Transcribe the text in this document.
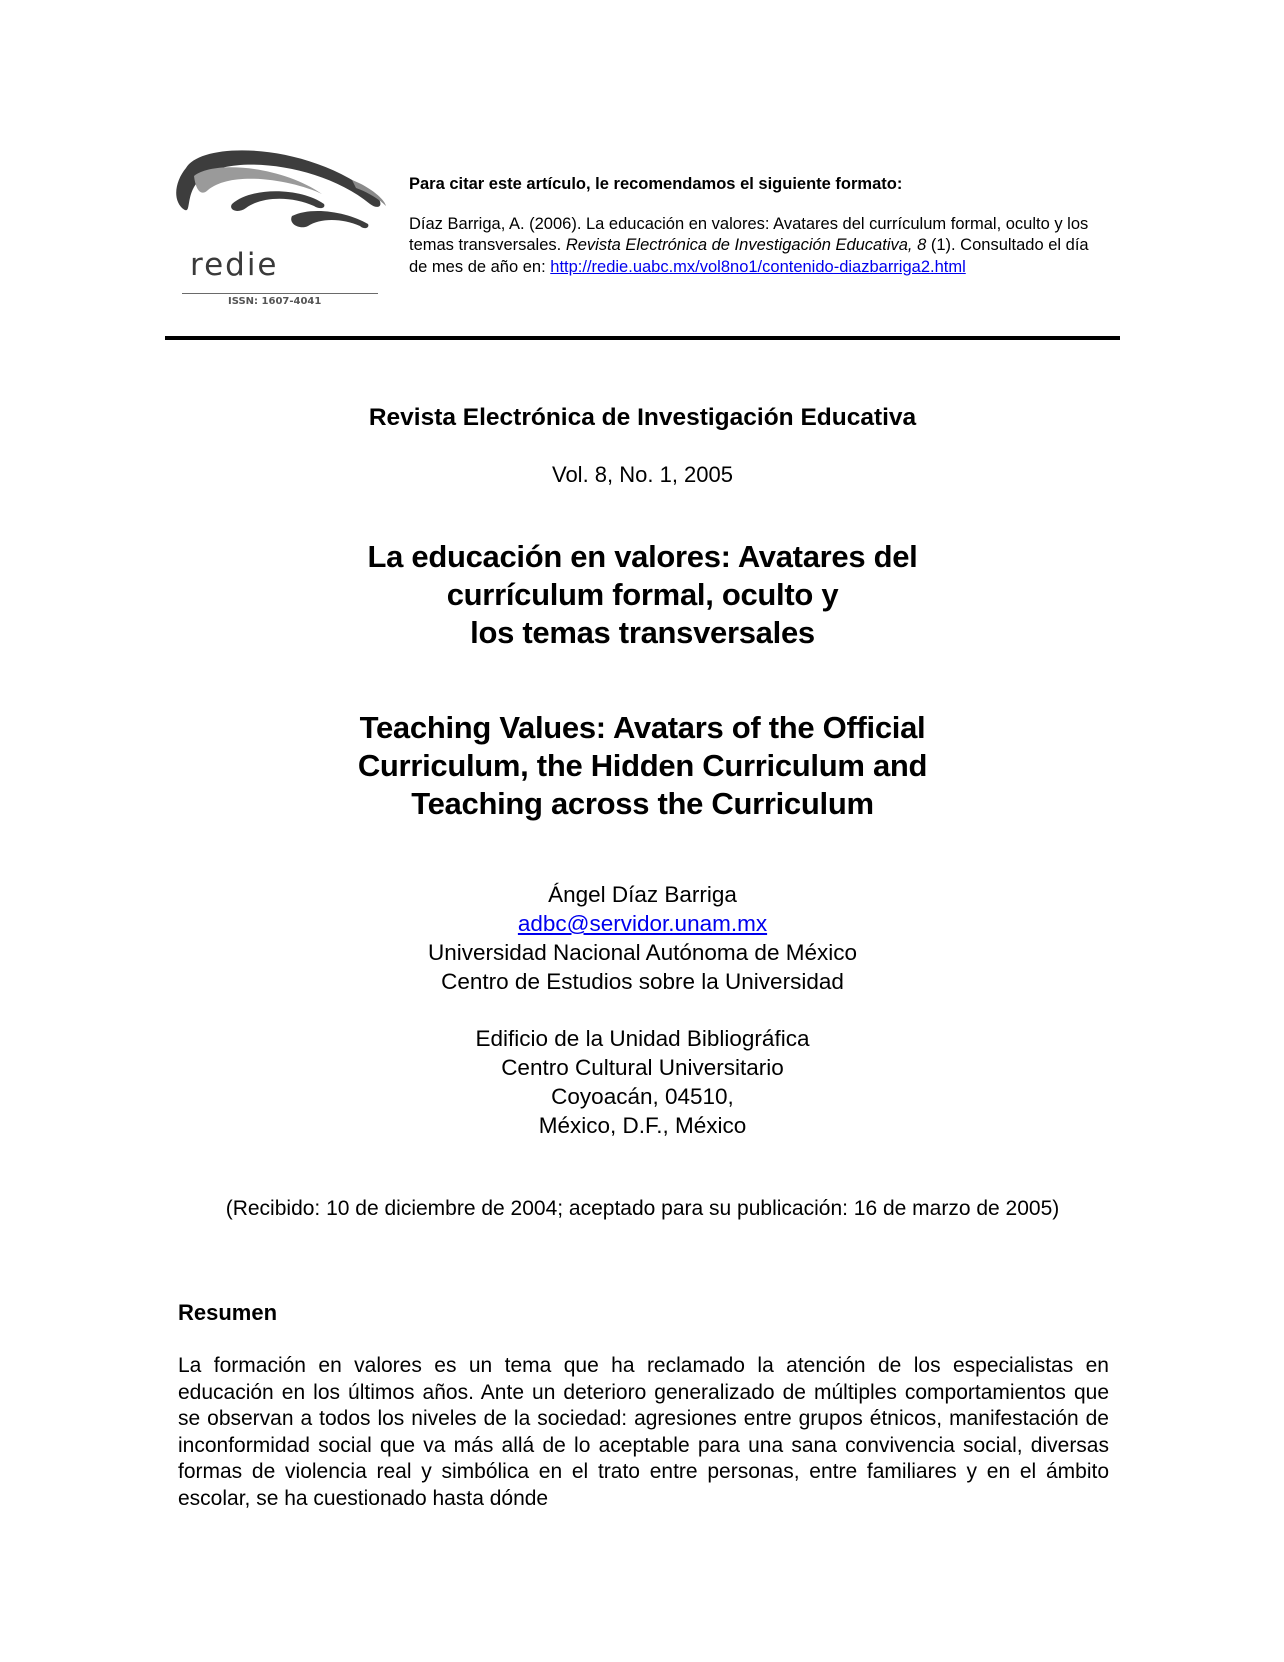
redie
ISSN: 1607-4041

Para citar este artículo, le recomendamos el siguiente formato:

Díaz Barriga, A. (2006). La educación en valores: Avatares del currículum formal, oculto y los temas transversales. Revista Electrónica de Investigación Educativa, 8 (1). Consultado el día de mes de año en: http://redie.uabc.mx/vol8no1/contenido-diazbarriga2.html

Revista Electrónica de Investigación Educativa
Vol. 8, No. 1, 2005
La educación en valores: Avatares del
currículum formal, oculto y
los temas transversales
Teaching Values: Avatars of the Official
Curriculum, the Hidden Curriculum and
Teaching across the Curriculum
Ángel Díaz Barriga
adbc@servidor.unam.mx
Universidad Nacional Autónoma de México
Centro de Estudios sobre la Universidad
Edificio de la Unidad Bibliográfica
Centro Cultural Universitario
Coyoacán, 04510,
México, D.F., México
(Recibido: 10 de diciembre de 2004; aceptado para su publicación: 16 de marzo de 2005)
Resumen

La formación en valores es un tema que ha reclamado la atención de los especialistas en educación en los últimos años. Ante un deterioro generalizado de múltiples comportamientos que se observan a todos los niveles de la sociedad: agresiones entre grupos étnicos, manifestación de inconformidad social que va más allá de lo aceptable para una sana convivencia social, diversas formas de violencia real y simbólica en el trato entre personas, entre familiares y en el ámbito escolar, se ha cuestionado hasta dónde
